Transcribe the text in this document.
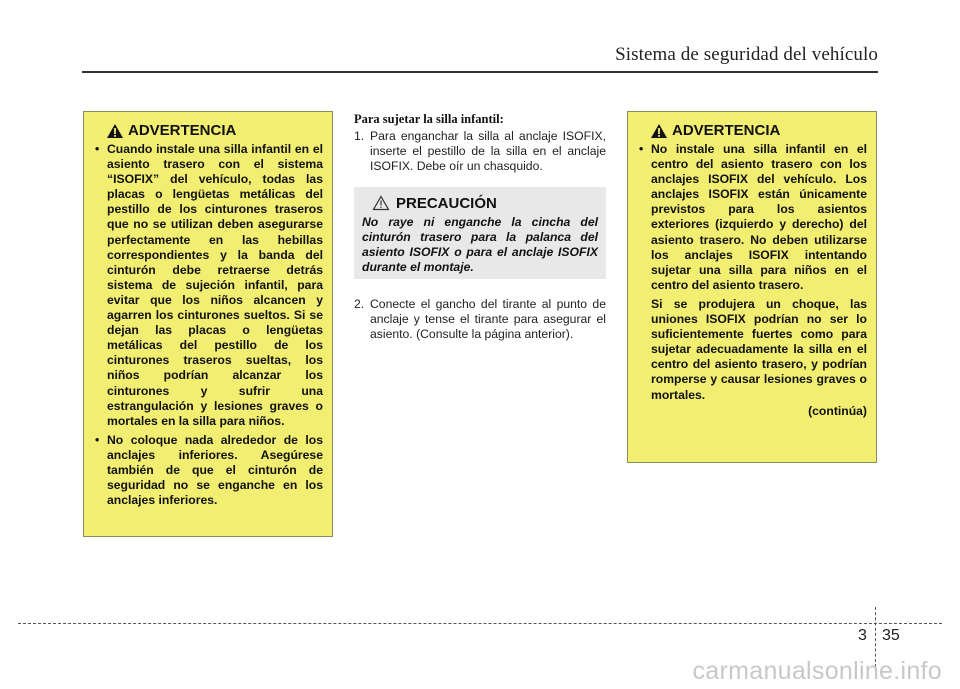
Sistema de seguridad del vehículo
ADVERTENCIA
• Cuando instale una silla infantil en el asiento trasero con el sistema “ISOFIX” del vehículo, todas las placas o lengüetas metálicas del pestillo de los cinturones traseros que no se utilizan deben asegurarse perfectamente en las hebillas correspondientes y la banda del cinturón debe retraerse detrás sistema de sujeción infantil, para evitar que los niños alcancen y agarren los cinturones sueltos. Si se dejan las placas o lengüetas metálicas del pestillo de los cinturones traseros sueltas, los niños podrían alcanzar los cinturones y sufrir una estrangulación y lesiones graves o mortales en la silla para niños.
• No coloque nada alrededor de los anclajes inferiores. Asegúrese también de que el cinturón de seguridad no se enganche en los anclajes inferiores.
Para sujetar la silla infantil:
1. Para enganchar la silla al anclaje ISOFIX, inserte el pestillo de la silla en el anclaje ISOFIX. Debe oír un chasquido.
PRECAUCIÓN
No raye ni enganche la cincha del cinturón trasero para la palanca del asiento ISOFIX o para el anclaje ISOFIX durante el montaje.
2. Conecte el gancho del tirante al punto de anclaje y tense el tirante para asegurar el asiento. (Consulte la página anterior).
ADVERTENCIA
• No instale una silla infantil en el centro del asiento trasero con los anclajes ISOFIX del vehículo. Los anclajes ISOFIX están únicamente previstos para los asientos exteriores (izquierdo y derecho) del asiento trasero. No deben utilizarse los anclajes ISOFIX intentando sujetar una silla para niños en el centro del asiento trasero.
Si se produjera un choque, las uniones ISOFIX podrían no ser lo suficientemente fuertes como para sujetar adecuadamente la silla en el centro del asiento trasero, y podrían romperse y causar lesiones graves o mortales.
(continúa)
3 35
carmanualsonline.info
